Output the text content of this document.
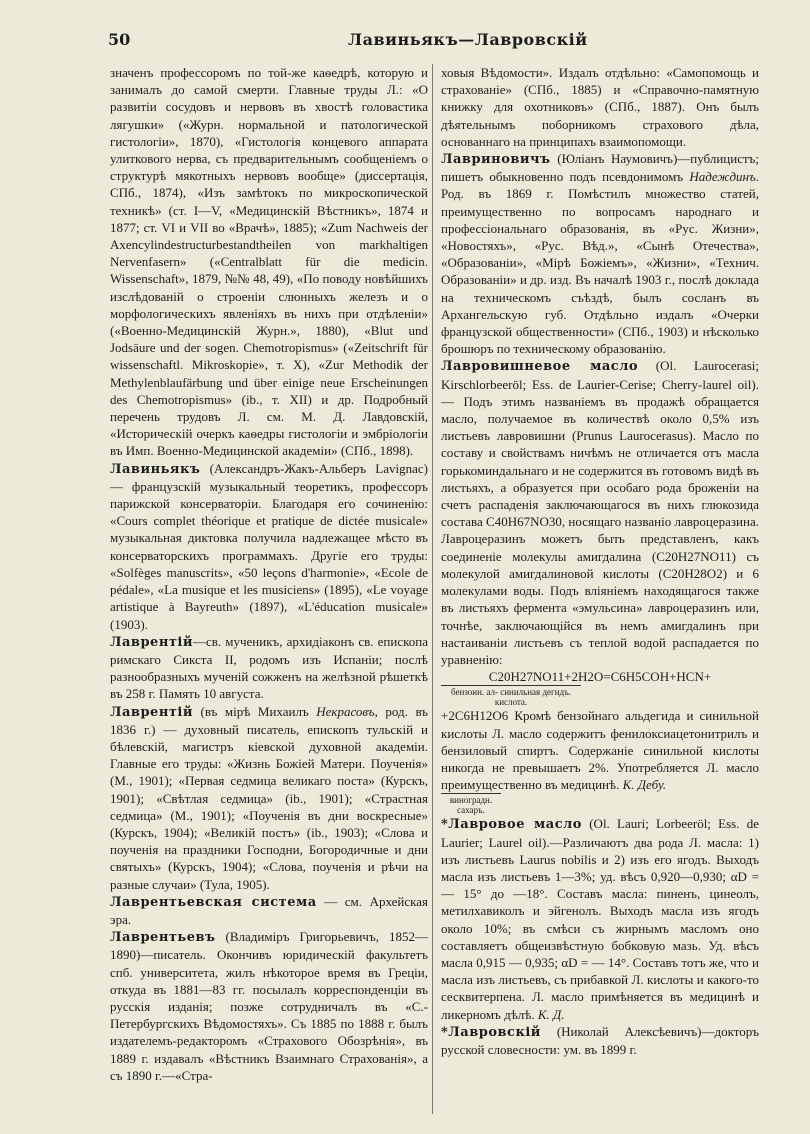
50	Лавиньякъ—Лавровскій

значенъ профессоромъ по той-же каѳедрѣ, которую и занималъ до самой смерти. Главные труды Л.: «О развитіи сосудовъ и нервовъ въ хвостѣ головастика лягушки» («Журн. нормальной и патологической гистологіи», 1870), «Гистологія концевого аппарата улиткового нерва, съ предварительнымъ сообщеніемъ о структурѣ мякотныхъ нервовъ вообще» (диссертація, СПб., 1874), «Изъ замѣтокъ по микроскопической техникѣ» (ст. I—V, «Медицинскій Вѣстникъ», 1874 и 1877; ст. VI и VII во «Врачѣ», 1885); «Zum Nachweis der Axencylindestructurbestandtheilen von markhaltigen Nervenfasern» («Centralblatt für die medicin. Wissenschaft», 1879, №№ 48, 49), «По поводу новѣйшихъ изслѣдованій о строеніи слюнныхъ железъ и о морфологическихъ явленіяхъ въ нихъ при отдѣленіи» («Военно-Медицинскій Журн.», 1880), «Blut und Jodsäure und der sogen. Chemotropismus» («Zeitschrift für wissenschaftl. Mikroskopie», т. X), «Zur Methodik der Methylenblaufärbung und über einige neue Erscheinungen des Chemotropismus» (ib., т. XII) и др. Подробный перечень трудовъ Л. см. М. Д. Лавдовскій, «Историческій очеркъ каѳедры гистологіи и эмбріологіи въ Имп. Военно-Медицинской академіи» (СПб., 1898).

Лавиньякъ (Александръ-Жакъ-Альберъ Lavignac) — французскій музыкальный теоретикъ, профессоръ парижской консерваторіи. Благодаря его сочиненію: «Cours complet théorique et pratique de dictée musicale» музыкальная диктовка получила надлежащее мѣсто въ консерваторскихъ программахъ. Другіе его труды: «Solfèges manuscrits», «50 leçons d'harmonie», «Ecole de pédale», «La musique et les musiciens» (1895), «Le voyage artistique à Bayreuth» (1897), «L'éducation musicale» (1903).

Лаврентій—св. мученикъ, архидіаконъ св. епископа римскаго Сикста II, родомъ изъ Испаніи; послѣ разнообразныхъ мученій сожженъ на желѣзной рѣшеткѣ въ 258 г. Память 10 августа.

Лаврентій (въ мірѣ Михаилъ Некрасовъ, род. въ 1836 г.) — духовный писатель, епископъ тульскій и бѣлевскій, магистръ кіевской духовной академіи. Главные его труды: «Жизнь Божіей Матери. Поученія» (М., 1901); «Первая седмица великаго поста» (Курскъ, 1901); «Свѣтлая седмица» (ib., 1901); «Страстная седмица» (М., 1901); «Поученія въ дни воскресные» (Курскъ, 1904); «Великій постъ» (ib., 1903); «Слова и поученія на праздники Господни, Богородичные и дни святыхъ» (Курскъ, 1904); «Слова, поученія и рѣчи на разные случаи» (Тула, 1905).

Лаврентьевская система — см. Архейская эра.

Лаврентьевъ (Владиміръ Григорьевичъ, 1852—1890)—писатель. Окончивъ юридическій факультетъ спб. университета, жилъ нѣкоторое время въ Греціи, откуда въ 1881—83 гг. посылалъ корреспонденціи въ русскія изданія; позже сотрудничалъ въ «С.-Петербургскихъ Вѣдомостяхъ». Съ 1885 по 1888 г. былъ издателемъ-редакторомъ «Страхового Обозрѣнія», въ 1889 г. издавалъ «Вѣстникъ Взаимнаго Страхованія», а съ 1890 г.—«Стра-

ховыя Вѣдомости». Издалъ отдѣльно: «Самопомощь и страхованіе» (СПб., 1885) и «Справочно-памятную книжку для охотниковъ» (СПб., 1887). Онъ былъ дѣятельнымъ поборникомъ страхового дѣла, основаннаго на принципахъ взаимопомощи.

Лавриновичъ (Юліанъ Наумовичъ)—публицистъ; пишетъ обыкновенно подъ псевдонимомъ Надеждинъ. Род. въ 1869 г. Помѣстилъ множество статей, преимущественно по вопросамъ народнаго и профессіональнаго образованія, въ «Рус. Жизни», «Новостяхъ», «Рус. Вѣд.», «Сынѣ Отечества», «Образованіи», «Мірѣ Божіемъ», «Жизни», «Технич. Образованіи» и др. изд. Въ началѣ 1903 г., послѣ доклада на техническомъ съѣздѣ, былъ сосланъ въ Архангельскую губ. Отдѣльно издалъ «Очерки французской общественности» (СПб., 1903) и нѣсколько брошюръ по техническому образованію.

Лавровишневое масло (Ol. Laurocerasi; Kirschlorbeeröl; Ess. de Laurier-Cerise; Cherry-laurel oil). — Подъ этимъ названіемъ въ продажѣ обращается масло, получаемое въ количествѣ около 0,5% изъ листьевъ лавровишни (Prunus Laurocerasus). Масло по составу и свойствамъ ничѣмъ не отличается отъ масла горькоминдальнаго и не содержится въ готовомъ видѣ въ листьяхъ, а образуется при особаго рода броженіи на счетъ распаденія заключающагося въ нихъ глюкозида состава C40H67NO30, носящаго названіо лавроцеразина. Лавроцеразинъ можетъ быть представленъ, какъ соединеніе молекулы амигдалина (C20H27NO11) съ молекулой амигдалиновой кислоты (C20H28O2) и 6 молекулами воды. Подъ вліяніемъ находящагося также въ листьяхъ фермента «эмульсина» лавроцеразинъ или, точнѣе, заключающійся въ немъ амигдалинъ при настаиваніи листьевъ съ теплой водой распадается по уравненію:

C20H27NO11+2H2O=C6H5COH+HCN+

бензоин. ал- синильная дегидъ. кислота.

+2C6H12O6 Кромѣ бензойнаго альдегида и синильной кислоты Л. масло содержитъ фенилоксиацетонитрилъ и бензиловый спиртъ. Содержаніе синильной кислоты никогда не превышаетъ 2%. Употребляется Л. масло преимущественно въ медицинѣ. К. Дебу.

виноградн. сахаръ.

*Лавровое масло (Ol. Lauri; Lorbeeröl; Ess. de Laurier; Laurel oil).—Различаютъ два рода Л. масла: 1) изъ листьевъ Laurus nobilis и 2) изъ его ягодъ. Выходъ масла изъ листьевъ 1—3%; уд. вѣсъ 0,920—0,930; αD = — 15° до —18°. Составъ масла: пиненъ, цинеолъ, метилхавиколъ и эйгенолъ. Выходъ масла изъ ягодъ около 10%; въ смѣси съ жирнымъ масломъ оно составляетъ общеизвѣстную бобковую мазь. Уд. вѣсъ масла 0,915 — 0,935; αD = — 14°. Составъ тотъ же, что и масла изъ листьевъ, съ прибавкой Л. кислоты и какого-то сесквитерпена. Л. масло примѣняется въ медицинѣ и ликерномъ дѣлѣ. К. Д.

*Лавровскій (Николай Алексѣевичъ)—докторъ русской словесности: ум. въ 1899 г.
